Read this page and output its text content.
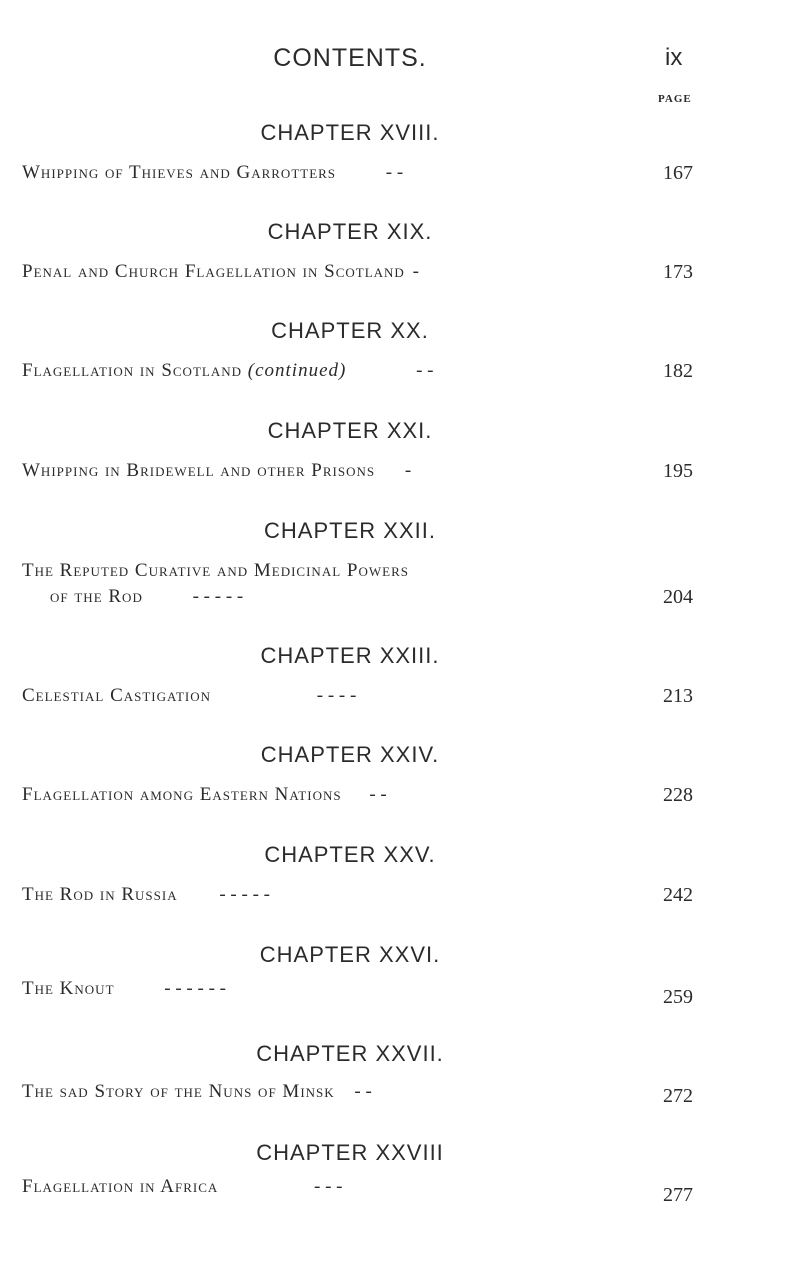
CONTENTS.	ix
PAGE
CHAPTER XVIII.
Whipping of Thieves and Garrotters	- -	167
CHAPTER XIX.
Penal and Church Flagellation in Scotland -	173
CHAPTER XX.
Flagellation in Scotland (continued)	- -	182
CHAPTER XXI.
Whipping in Bridewell and other Prisons -	195
CHAPTER XXII.
The Reputed Curative and Medicinal Powers
of the Rod	- - - - -	204
CHAPTER XXIII.
Celestial Castigation	- - - -	213
CHAPTER XXIV.
Flagellation among Eastern Nations - -	228
CHAPTER XXV.
The Rod in Russia - - - - -	242
CHAPTER XXVI.
The Knout	- - - - - -	259
CHAPTER XXVII.
The sad Story of the Nuns of Minsk - -	272
CHAPTER XXVIII
Flagellation in Africa	- - -	277
